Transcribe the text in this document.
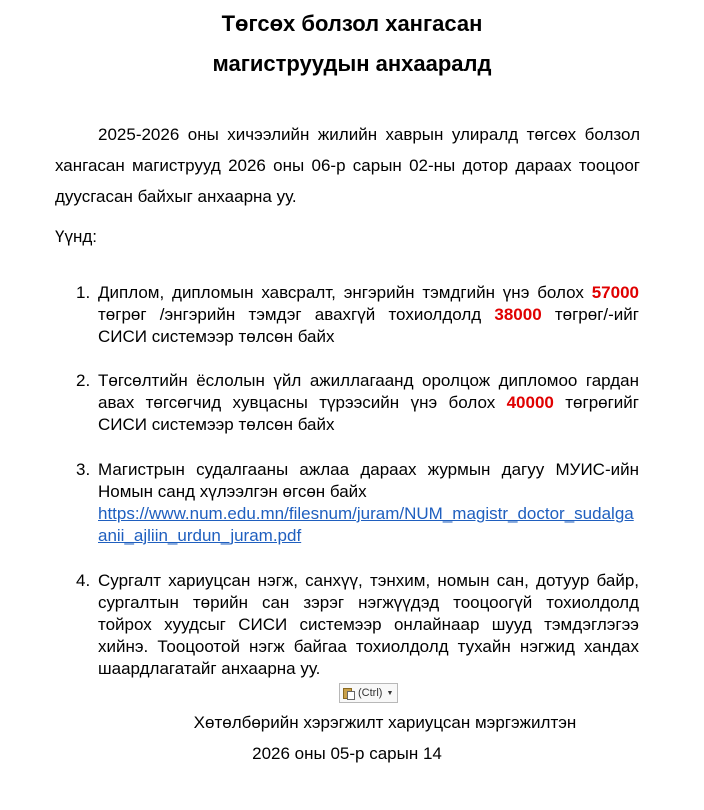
Төгсөх болзол хангасан
магиструудын анхааралд
2025-2026 оны хичээлийн жилийн хаврын улиралд төгсөх болзол хангасан магиструуд 2026 оны 06-р сарын 02-ны дотор дараах тооцоог дуусгасан байхыг анхаарна уу.
Үүнд:
1. Диплом, дипломын хавсралт, энгэрийн тэмдгийн үнэ болох 57000 төгрөг /энгэрийн тэмдэг авахгүй тохиолдолд 38000 төгрөг/-ийг СИСИ системээр төлсөн байх
2. Төгсөлтийн ёслолын үйл ажиллагаанд оролцож дипломоо гардан авах төгсөгчид хувцасны түрээсийн үнэ болох 40000 төгрөгийг СИСИ системээр төлсөн байх
3. Магистрын судалгааны ажлаа дараах журмын дагуу МУИС-ийн Номын санд хүлээлгэн өгсөн байх
https://www.num.edu.mn/filesnum/juram/NUM_magistr_doctor_sudalgaanii_ajliin_urdun_juram.pdf
4. Сургалт хариуцсан нэгж, санхүү, тэнхим, номын сан, дотуур байр, сургалтын төрийн сан зэрэг нэгжүүдэд тооцоогүй тохиолдолд тойрох хуудсыг СИСИ системээр онлайнаар шууд тэмдэглэгээ хийнэ. Тооцоотой нэгж байгаа тохиолдолд тухайн нэгжид хандах шаардлагатайг анхаарна уу.
(Ctrl) ▼
Хөтөлбөрийн хэрэгжилт хариуцсан мэргэжилтэн
2026 оны 05-р сарын 14
